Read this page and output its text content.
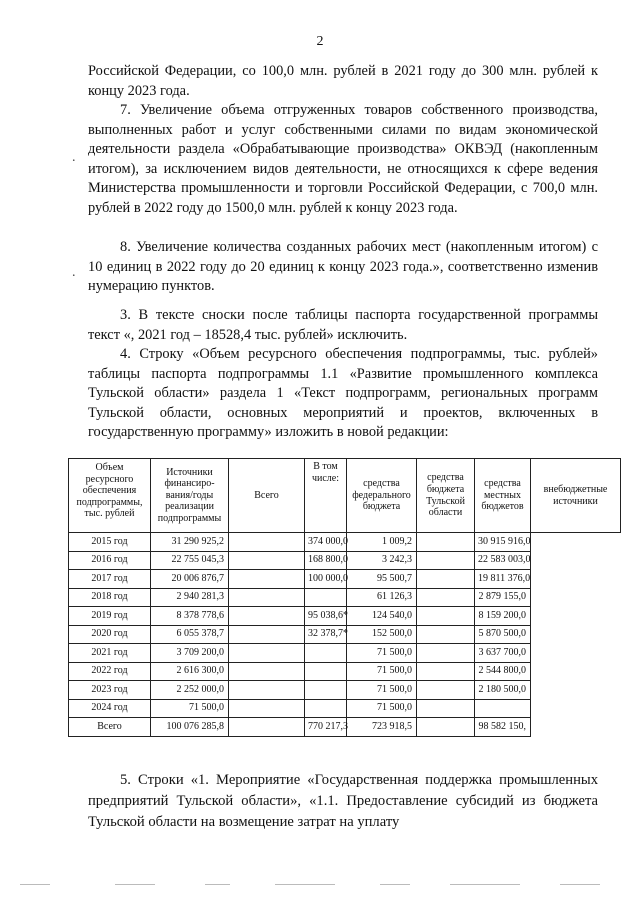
2

Российской Федерации, со 100,0 млн. рублей в 2021 году до 300 млн. рублей к концу 2023 года.

7. Увеличение объема отгруженных товаров собственного производства, выполненных работ и услуг собственными силами по видам экономической деятельности раздела «Обрабатывающие производства» ОКВЭД (накопленным итогом), за исключением видов деятельности, не относящихся к сфере ведения Министерства промышленности и торговли Российской Федерации, с 700,0 млн. рублей в 2022 году до 1500,0 млн. рублей к концу 2023 года.

8. Увеличение количества созданных рабочих мест (накопленным итогом) с 10 единиц в 2022 году до 20 единиц к концу 2023 года.», соответственно изменив нумерацию пунктов.

3. В тексте сноски после таблицы паспорта государственной программы текст «, 2021 год – 18528,4 тыс. рублей» исключить.

4. Строку «Объем ресурсного обеспечения подпрограммы, тыс. рублей» таблицы паспорта подпрограммы 1.1 «Развитие промышленного комплекса Тульской области» раздела 1 «Текст подпрограмм, региональных программ Тульской области, основных мероприятий и проектов, включенных в государственную программу» изложить в новой редакции:

.
.
Объем ресурсного обеспечения подпрограммы, тыс. рублей	Источники финансиро-вания/годы реализации подпрограммы	Всего	В том числе:	средства федерального бюджета	средства бюджета Тульской области	средства местных бюджетов	внебюджетные источники
2015 год	31 290 925,2		374 000,0	1 009,2		30 915 916,0	
2016 год	22 755 045,3		168 800,0	3 242,3		22 583 003,0	
2017 год	20 006 876,7		100 000,0	95 500,7		19 811 376,0	
2018 год	2 940 281,3			61 126,3		2 879 155,0	
2019 год	8 378 778,6		95 038,6*	124 540,0		8 159 200,0	
2020 год	6 055 378,7		32 378,7*	152 500,0		5 870 500,0	
2021 год	3 709 200,0			71 500,0		3 637 700,0	
2022 год	2 616 300,0			71 500,0		2 544 800,0	
2023 год	2 252 000,0			71 500,0		2 180 500,0	
2024 год	71 500,0			71 500,0			
Всего	100 076 285,8		770 217,3	723 918,5		98 582 150,	

5. Строки «1. Мероприятие «Государственная поддержка промышленных предприятий Тульской области», «1.1. Предоставление субсидий из бюджета Тульской области на возмещение затрат на уплату
